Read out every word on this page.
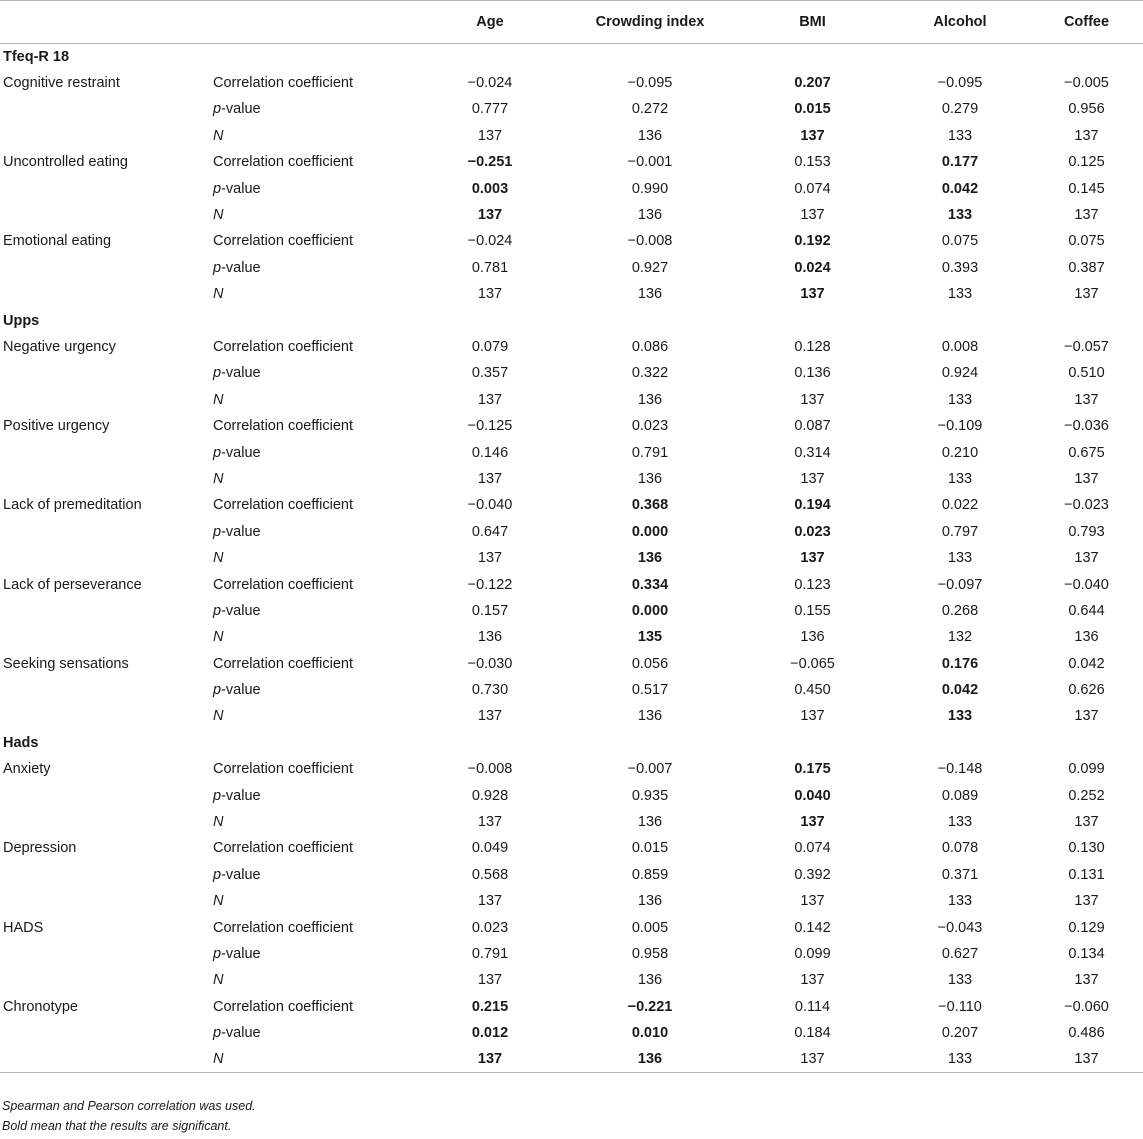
		Age	Crowding index	BMI	Alcohol	Coffee
Tfeq-R 18						
Cognitive restraint	Correlation coefficient	−0.024	−0.095	0.207	−0.095	−0.005
	p-value	0.777	0.272	0.015	0.279	0.956
	N	137	136	137	133	137
Uncontrolled eating	Correlation coefficient	−0.251	−0.001	0.153	0.177	0.125
	p-value	0.003	0.990	0.074	0.042	0.145
	N	137	136	137	133	137
Emotional eating	Correlation coefficient	−0.024	−0.008	0.192	0.075	0.075
	p-value	0.781	0.927	0.024	0.393	0.387
	N	137	136	137	133	137
Upps						
Negative urgency	Correlation coefficient	0.079	0.086	0.128	0.008	−0.057
	p-value	0.357	0.322	0.136	0.924	0.510
	N	137	136	137	133	137
Positive urgency	Correlation coefficient	−0.125	0.023	0.087	−0.109	−0.036
	p-value	0.146	0.791	0.314	0.210	0.675
	N	137	136	137	133	137
Lack of premeditation	Correlation coefficient	−0.040	0.368	0.194	0.022	−0.023
	p-value	0.647	0.000	0.023	0.797	0.793
	N	137	136	137	133	137
Lack of perseverance	Correlation coefficient	−0.122	0.334	0.123	−0.097	−0.040
	p-value	0.157	0.000	0.155	0.268	0.644
	N	136	135	136	132	136
Seeking sensations	Correlation coefficient	−0.030	0.056	−0.065	0.176	0.042
	p-value	0.730	0.517	0.450	0.042	0.626
	N	137	136	137	133	137
Hads						
Anxiety	Correlation coefficient	−0.008	−0.007	0.175	−0.148	0.099
	p-value	0.928	0.935	0.040	0.089	0.252
	N	137	136	137	133	137
Depression	Correlation coefficient	0.049	0.015	0.074	0.078	0.130
	p-value	0.568	0.859	0.392	0.371	0.131
	N	137	136	137	133	137
HADS	Correlation coefficient	0.023	0.005	0.142	−0.043	0.129
	p-value	0.791	0.958	0.099	0.627	0.134
	N	137	136	137	133	137
Chronotype	Correlation coefficient	0.215	−0.221	0.114	−0.110	−0.060
	p-value	0.012	0.010	0.184	0.207	0.486
	N	137	136	137	133	137
Spearman and Pearson correlation was used.
Bold mean that the results are significant.
